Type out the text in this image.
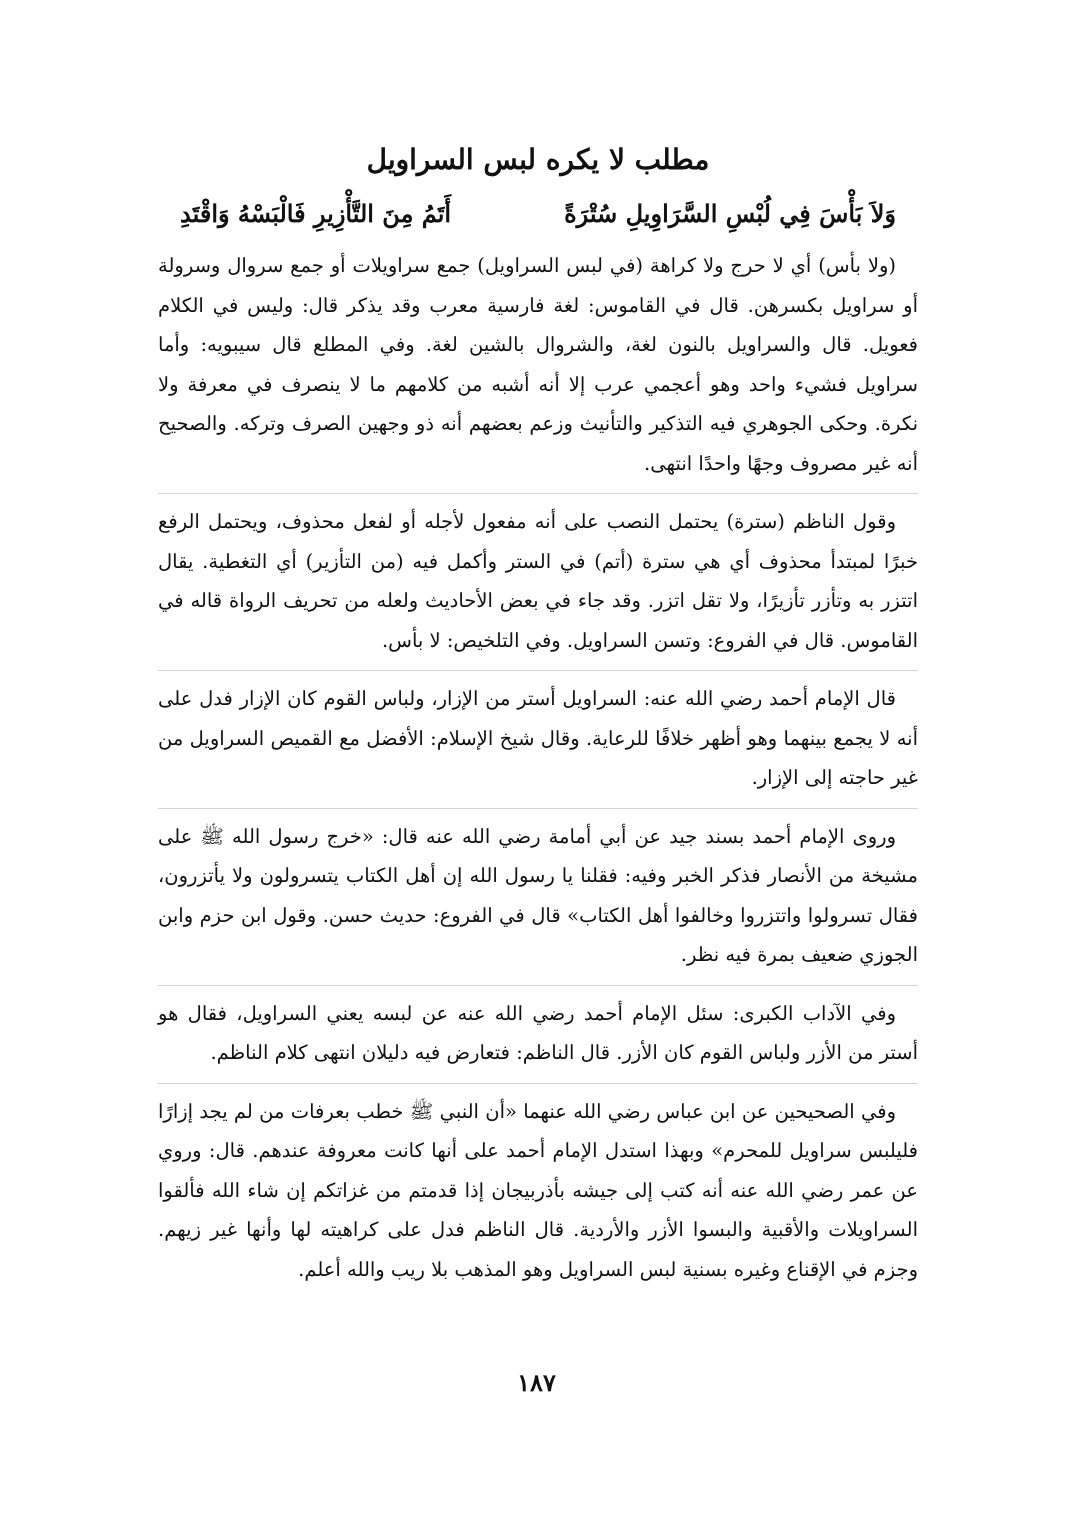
مطلب لا يكره لبس السراويل
وَلاَ بَأْسَ فِي لُبْسِ السَّرَاوِيلِ سُتْرَةً
أَتَمُ مِنَ التَّأْزِيرِ فَالْبَسْهُ وَاقْتَدِ

(ولا بأس) أي لا حرج ولا كراهة (في لبس السراويل) جمع سراويلات أو جمع سروال وسرولة أو سراويل بكسرهن. قال في القاموس: لغة فارسية معرب وقد يذكر قال: وليس في الكلام فعويل. قال والسراويل بالنون لغة، والشروال بالشين لغة. وفي المطلع قال سيبويه: وأما سراويل فشيء واحد وهو أعجمي عرب إلا أنه أشبه من كلامهم ما لا ينصرف في معرفة ولا نكرة. وحكى الجوهري فيه التذكير والتأنيث وزعم بعضهم أنه ذو وجهين الصرف وتركه. والصحيح أنه غير مصروف وجهًا واحدًا انتهى.

وقول الناظم (سترة) يحتمل النصب على أنه مفعول لأجله أو لفعل محذوف، ويحتمل الرفع خبرًا لمبتدأ محذوف أي هي سترة (أتم) في الستر وأكمل فيه (من التأزير) أي التغطية. يقال اتتزر به وتأزر تأزيرًا، ولا تقل اتزر. وقد جاء في بعض الأحاديث ولعله من تحريف الرواة قاله في القاموس. قال في الفروع: وتسن السراويل. وفي التلخيص: لا بأس.

قال الإمام أحمد رضي الله عنه: السراويل أستر من الإزار، ولباس القوم كان الإزار فدل على أنه لا يجمع بينهما وهو أظهر خلافًا للرعاية. وقال شيخ الإسلام: الأفضل مع القميص السراويل من غير حاجته إلى الإزار.

وروى الإمام أحمد بسند جيد عن أبي أمامة رضي الله عنه قال: «خرج رسول الله ﷺ على مشيخة من الأنصار فذكر الخبر وفيه: فقلنا يا رسول الله إن أهل الكتاب يتسرولون ولا يأتزرون، فقال تسرولوا واتتزروا وخالفوا أهل الكتاب» قال في الفروع: حديث حسن. وقول ابن حزم وابن الجوزي ضعيف بمرة فيه نظر.

وفي الآداب الكبرى: سئل الإمام أحمد رضي الله عنه عن لبسه يعني السراويل، فقال هو أستر من الأزر ولباس القوم كان الأزر. قال الناظم: فتعارض فيه دليلان انتهى كلام الناظم.

وفي الصحيحين عن ابن عباس رضي الله عنهما «أن النبي ﷺ خطب بعرفات من لم يجد إزارًا فليلبس سراويل للمحرم» وبهذا استدل الإمام أحمد على أنها كانت معروفة عندهم. قال: وروي عن عمر رضي الله عنه أنه كتب إلى جيشه بأذربيجان إذا قدمتم من غزاتكم إن شاء الله فألقوا السراويلات والأقبية والبسوا الأزر والأردية. قال الناظم فدل على كراهيته لها وأنها غير زيهم. وجزم في الإقناع وغيره بسنية لبس السراويل وهو المذهب بلا ريب والله أعلم.

١٨٧
